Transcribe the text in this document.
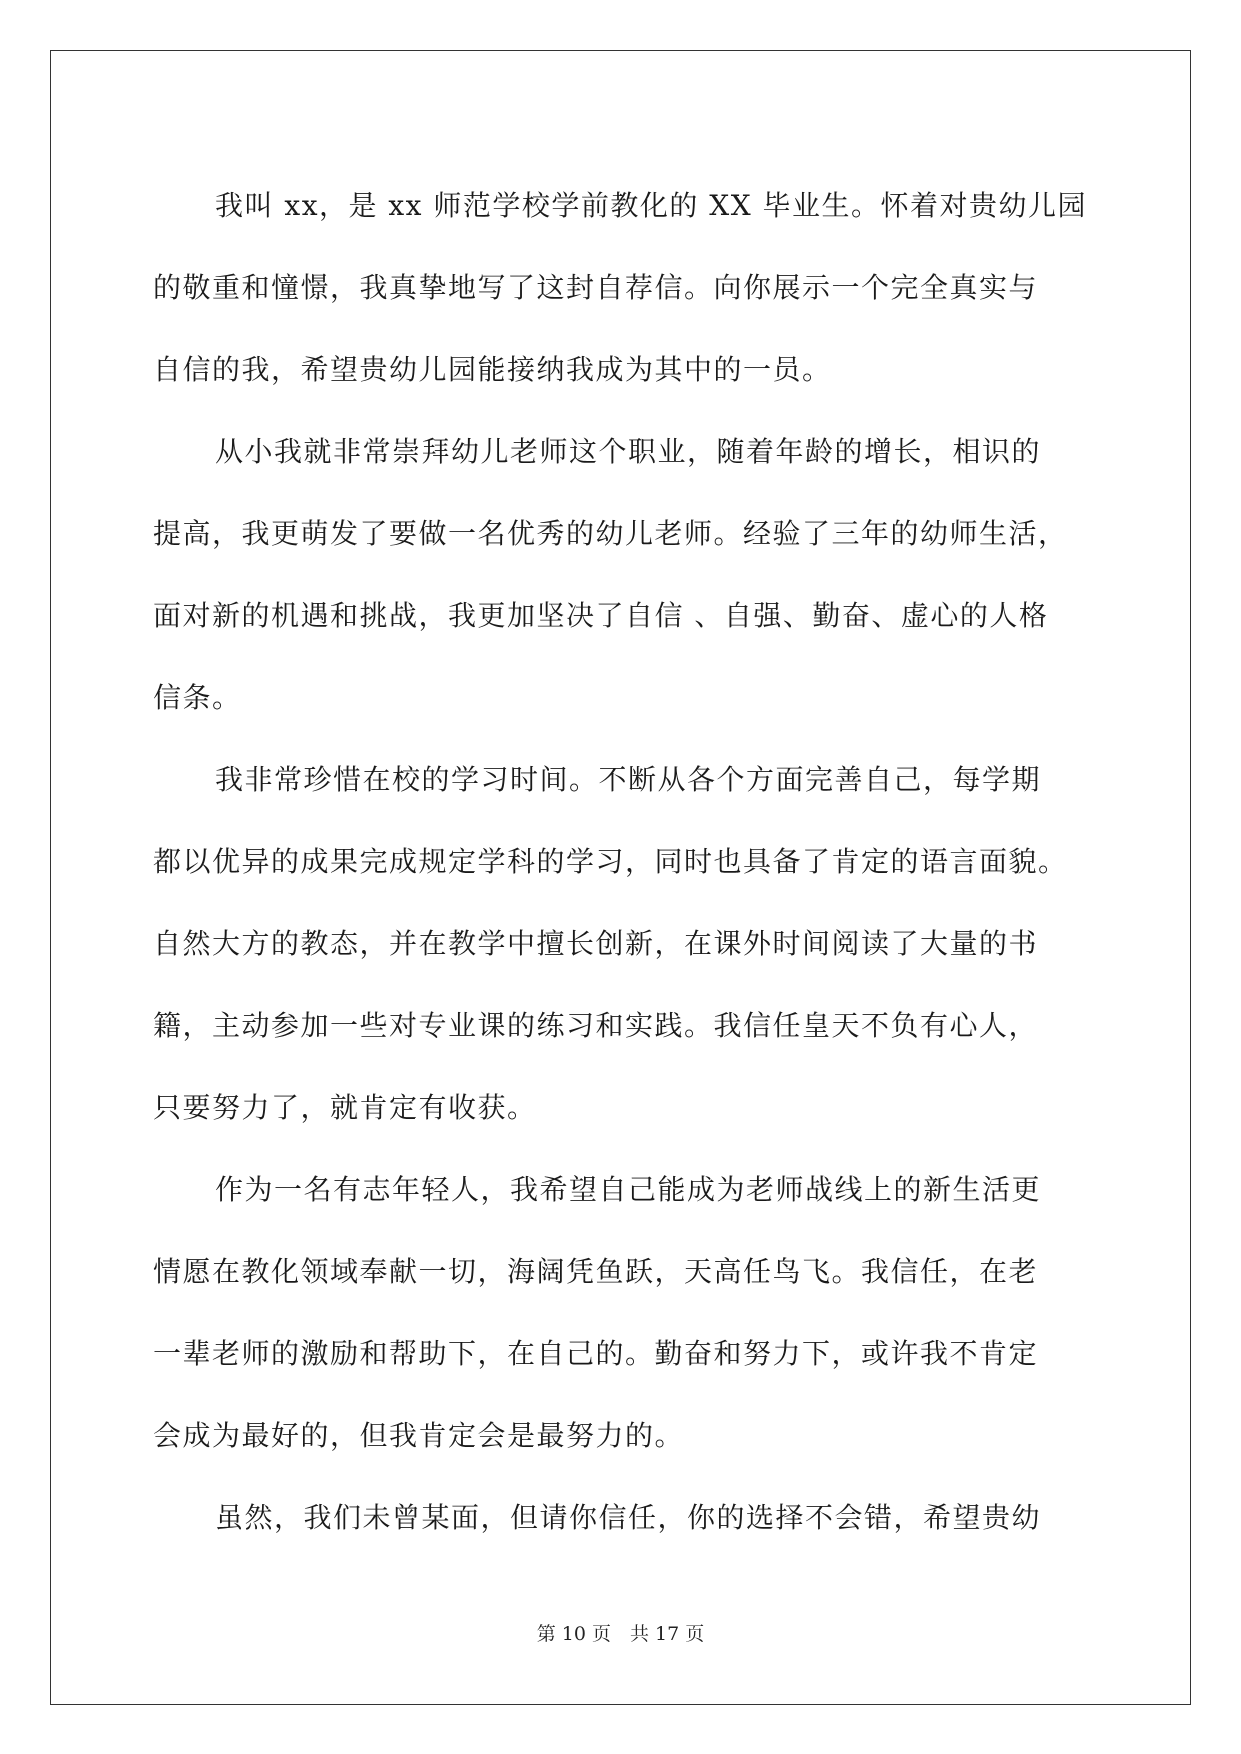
我叫 xx，是 xx 师范学校学前教化的 XX 毕业生。怀着对贵幼儿园
的敬重和憧憬，我真挚地写了这封自荐信。向你展示一个完全真实与
自信的我，希望贵幼儿园能接纳我成为其中的一员。
从小我就非常崇拜幼儿老师这个职业，随着年龄的增长，相识的
提高，我更萌发了要做一名优秀的幼儿老师。经验了三年的幼师生活，
面对新的机遇和挑战，我更加坚决了自信 、自强、勤奋、虚心的人格
信条。
我非常珍惜在校的学习时间。不断从各个方面完善自己，每学期
都以优异的成果完成规定学科的学习，同时也具备了肯定的语言面貌。
自然大方的教态，并在教学中擅长创新，在课外时间阅读了大量的书
籍，主动参加一些对专业课的练习和实践。我信任皇天不负有心人，
只要努力了，就肯定有收获。
作为一名有志年轻人，我希望自己能成为老师战线上的新生活更
情愿在教化领域奉献一切，海阔凭鱼跃，天高任鸟飞。我信任，在老
一辈老师的激励和帮助下，在自己的。勤奋和努力下，或许我不肯定
会成为最好的，但我肯定会是最努力的。
虽然，我们未曾某面，但请你信任，你的选择不会错，希望贵幼
第 10 页　共 17 页
